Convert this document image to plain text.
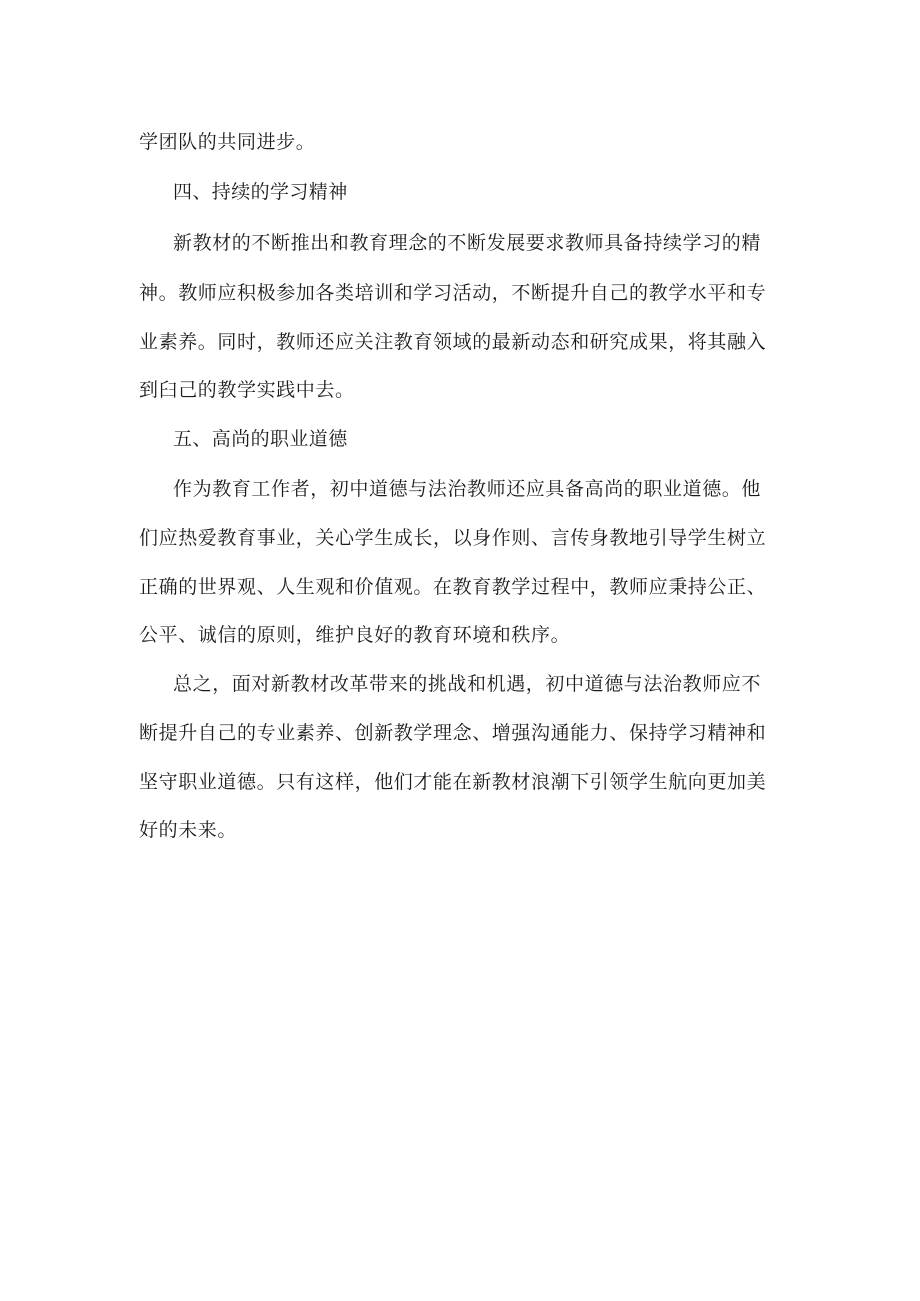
学团队的共同进步。
四、持续的学习精神
新教材的不断推出和教育理念的不断发展要求教师具备持续学习的精
神。教师应积极参加各类培训和学习活动，不断提升自己的教学水平和专
业素养。同时，教师还应关注教育领域的最新动态和研究成果，将其融入
到臼己的教学实践中去。
五、高尚的职业道德
作为教育工作者，初中道德与法治教师还应具备高尚的职业道德。他
们应热爱教育事业，关心学生成长，以身作则、言传身教地引导学生树立
正确的世界观、人生观和价值观。在教育教学过程中，教师应秉持公正、
公平、诚信的原则，维护良好的教育环境和秩序。
总之，面对新教材改革带来的挑战和机遇，初中道德与法治教师应不
断提升自己的专业素养、创新教学理念、增强沟通能力、保持学习精神和
坚守职业道德。只有这样，他们才能在新教材浪潮下引领学生航向更加美
好的未来。
